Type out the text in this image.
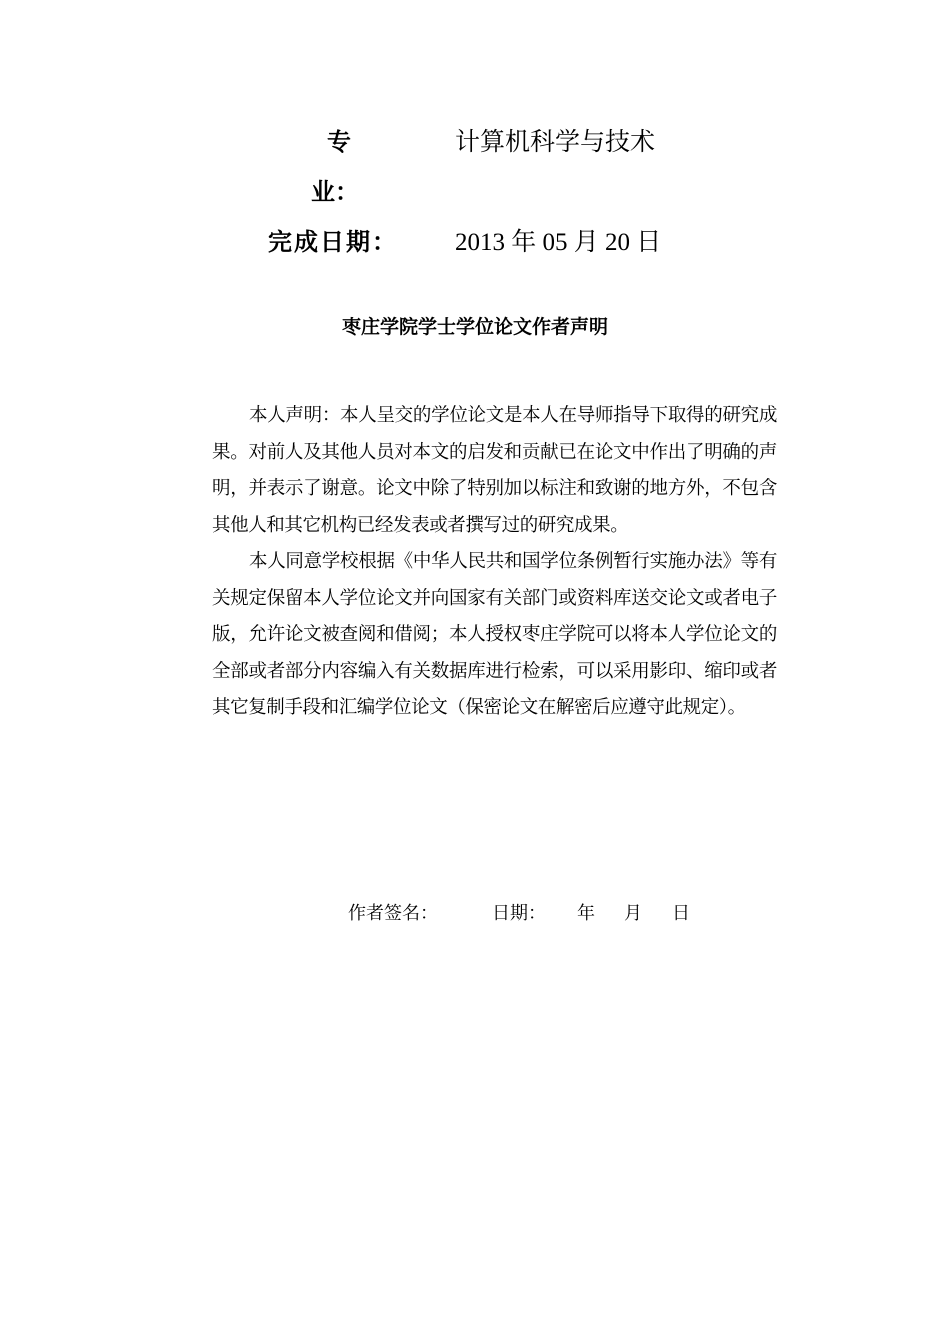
专
业：
计算机科学与技术
完成日期： 2013 年 05 月 20 日
枣庄学院学士学位论文作者声明

本人声明：本人呈交的学位论文是本人在导师指导下取得的研究成果。对前人及其他人员对本文的启发和贡献已在论文中作出了明确的声明，并表示了谢意。论文中除了特别加以标注和致谢的地方外，不包含其他人和其它机构已经发表或者撰写过的研究成果。

本人同意学校根据《中华人民共和国学位条例暂行实施办法》等有关规定保留本人学位论文并向国家有关部门或资料库送交论文或者电子版，允许论文被查阅和借阅；本人授权枣庄学院可以将本人学位论文的全部或者部分内容编入有关数据库进行检索，可以采用影印、缩印或者其它复制手段和汇编学位论文（保密论文在解密后应遵守此规定）。

作者签名：	日期： 年 月 日
